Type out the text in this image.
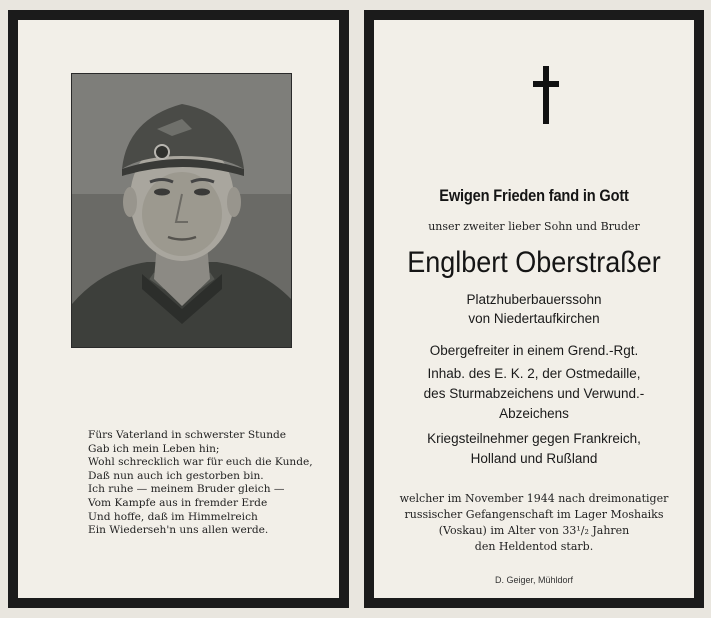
Fürs Vaterland in schwerster Stunde
Gab ich mein Leben hin;
Wohl schrecklich war für euch die Kunde,
Daß nun auch ich gestorben bin.
Ich ruhe — meinem Bruder gleich —
Vom Kampfe aus in fremder Erde
Und hoffe, daß im Himmelreich
Ein Wiederseh'n uns allen werde.
Ewigen Frieden fand in Gott
unser zweiter lieber Sohn und Bruder
Englbert Oberstraßer
Platzhuberbauerssohn
von Niedertaufkirchen
Obergefreiter in einem Grend.-Rgt.
Inhab. des E. K. 2, der Ostmedaille,
des Sturmabzeichens und Verwund.-
Abzeichens
Kriegsteilnehmer gegen Frankreich,
Holland und Rußland
welcher im November 1944 nach dreimonatiger
russischer Gefangenschaft im Lager Moshaiks
(Voskau) im Alter von 33¹/₂ Jahren
den Heldentod starb.
D. Geiger, Mühldorf
